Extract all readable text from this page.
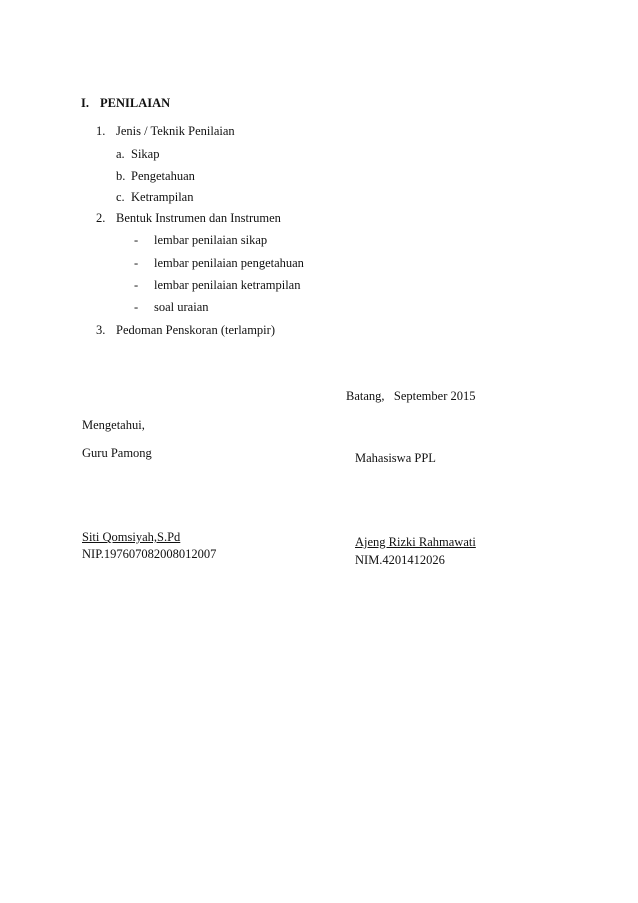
I. PENILAIAN
1. Jenis / Teknik Penilaian
a. Sikap
b. Pengetahuan
c. Ketrampilan
2. Bentuk Instrumen dan Instrumen
- lembar penilaian sikap
- lembar penilaian pengetahuan
- lembar penilaian ketrampilan
- soal uraian
3. Pedoman Penskoran (terlampir)
Batang,   September 2015
Mengetahui,
Guru Pamong	Mahasiswa PPL
Siti Qomsiyah,S.Pd
NIP.197607082008012007
Ajeng Rizki Rahmawati
NIM.4201412026
